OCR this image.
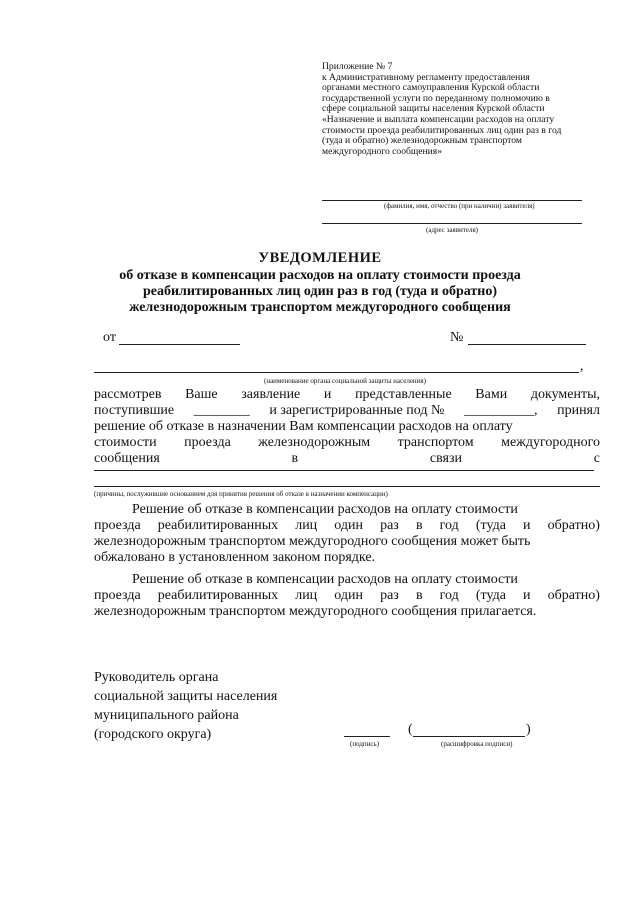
Приложение № 7
к Административному регламенту предоставления
органами местного самоуправления Курской области
государственной услуги по переданному полномочию в
сфере социальной защиты населения Курской области
«Назначение и выплата компенсации расходов на оплату
стоимости проезда реабилитированных лиц один раз в год
(туда и обратно) железнодорожным транспортом
междугородного сообщения»
(фамилия, имя, отчество (при наличии) заявителя)
(адрес заявителя)
УВЕДОМЛЕНИЕ
об отказе в компенсации расходов на оплату стоимости проезда
реабилитированных лиц один раз в год (туда и обратно)
железнодорожным транспортом междугородного сообщения
от	№
,
(наименование органа социальной защиты населения)
рассмотрев Ваше заявление и представленные Вами документы,
поступившие ________ и зарегистрированные под № __________, принял
решение об отказе в назначении Вам компенсации расходов на оплату
стоимости проезда железнодорожным транспортом междугородного
сообщения	в	связи	с
(причины, послужившие основанием для принятия решения об отказе в назначении компенсации)
Решение об отказе в компенсации расходов на оплату стоимости
проезда реабилитированных лиц один раз в год (туда и обратно)
железнодорожным транспортом междугородного сообщения может быть
обжаловано в установленном законом порядке.
Решение об отказе в компенсации расходов на оплату стоимости
проезда реабилитированных лиц один раз в год (туда и обратно)
железнодорожным транспортом междугородного сообщения прилагается.
Руководитель органа
социальной защиты населения
муниципального района
(городского округа)
(подпись)
(	)
(расшифровка подписи)
